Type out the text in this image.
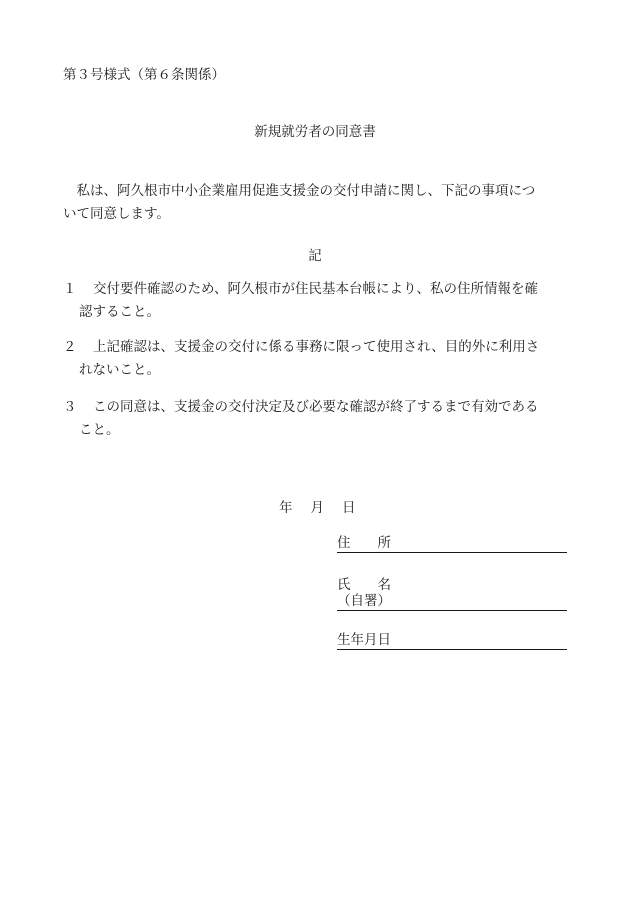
第３号様式（第６条関係）
新規就労者の同意書
私は、阿久根市中小企業雇用促進支援金の交付申請に関し、下記の事項につ
いて同意します。
記
１	交付要件確認のため、阿久根市が住民基本台帳により、私の住所情報を確
認すること。
２	上記確認は、支援金の交付に係る事務に限って使用され、目的外に利用さ
れないこと。
３	この同意は、支援金の交付決定及び必要な確認が終了するまで有効である
こと。
年 月 日
住　　所
氏　　名
（自署）
生年月日
